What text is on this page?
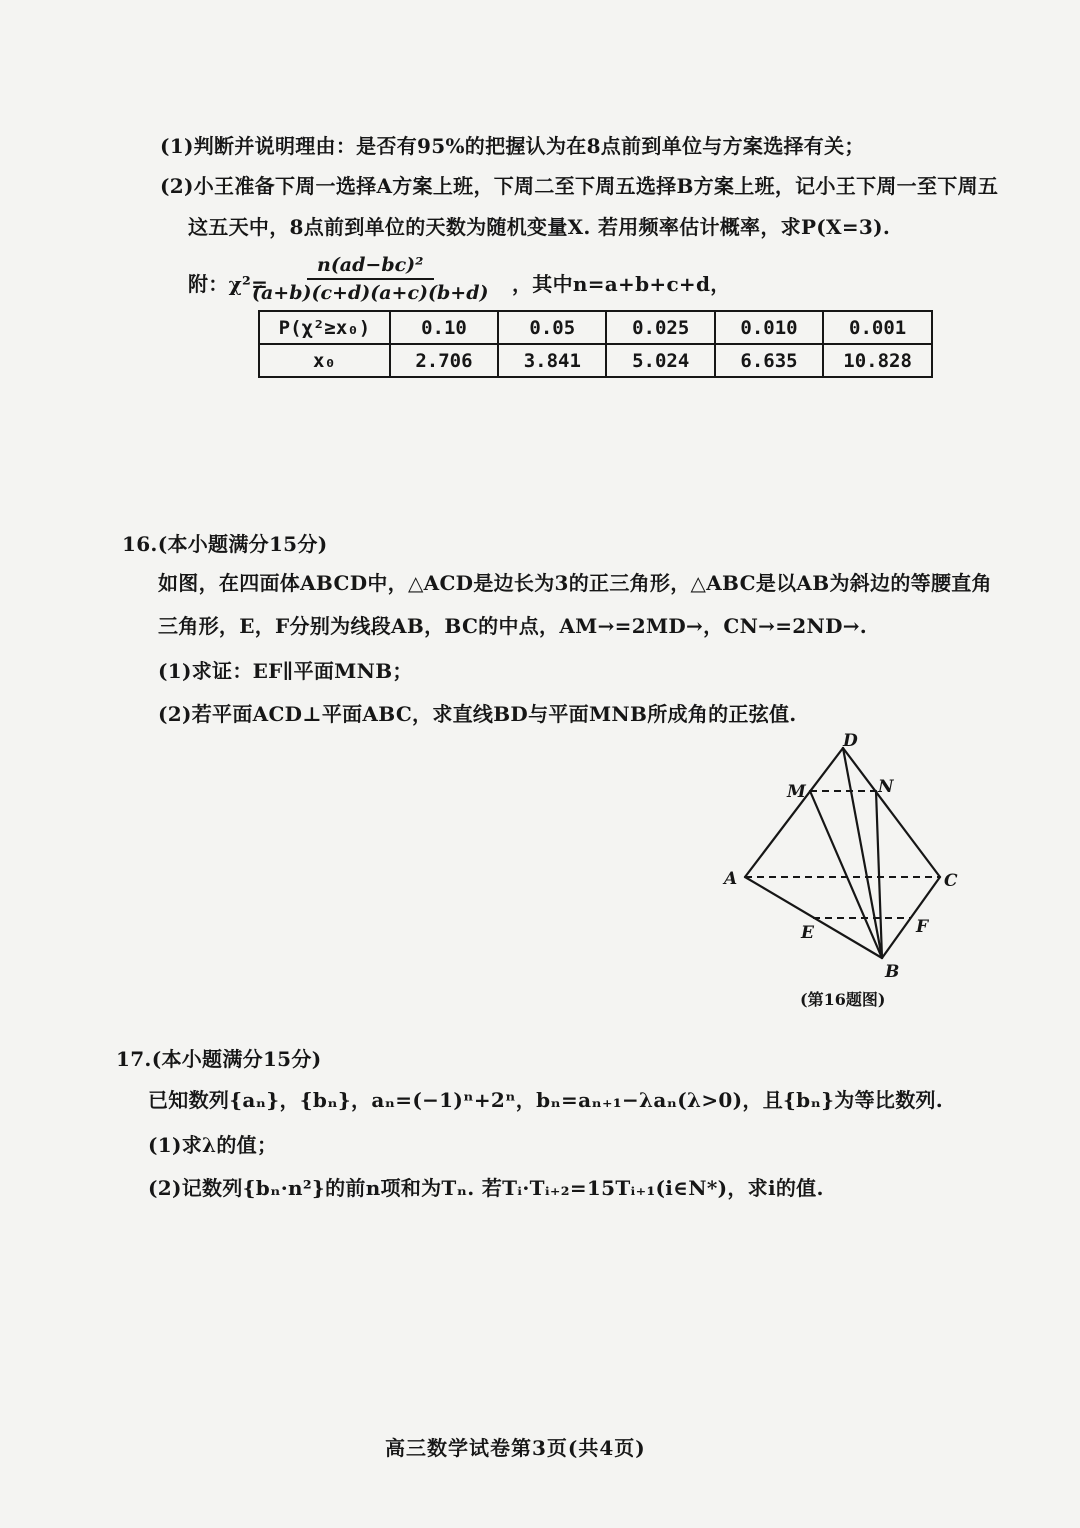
(1)判断并说明理由：是否有95%的把握认为在8点前到单位与方案选择有关；
(2)小王准备下周一选择A方案上班，下周二至下周五选择B方案上班，记小王下周一至下周五
这五天中，8点前到单位的天数为随机变量X. 若用频率估计概率，求P(X=3).
附：χ²=
$\frac{\text{n(ad−bc)²}}{(a+b)(c+d)(a+c)(b+d)}$ ，其中n=a+b+c+d，
P(χ²≥x₀)	0.10	0.05	0.025	0.010	0.001
x₀	2.706	3.841	5.024	6.635	10.828
16.(本小题满分15分)
如图，在四面体ABCD中，△ACD是边长为3的正三角形，△ABC是以AB为斜边的等腰直角
三角形，E，F分别为线段AB，BC的中点，AM→=2MD→，CN→=2ND→.
(1)求证：EF∥平面MNB；
(2)若平面ACD⊥平面ABC，求直线BD与平面MNB所成角的正弦值.
D
M	N
A	C
E	F
B
(第16题图)
17.(本小题满分15分)
已知数列{aₙ}，{bₙ}，aₙ=(−1)ⁿ+2ⁿ，bₙ=aₙ₊₁−λaₙ(λ>0)，且{bₙ}为等比数列.
(1)求λ的值；
(2)记数列{bₙ·n²}的前n项和为Tₙ. 若Tᵢ·Tᵢ₊₂=15Tᵢ₊₁(i∈N*)，求i的值.
高三数学试卷第3页(共4页)
